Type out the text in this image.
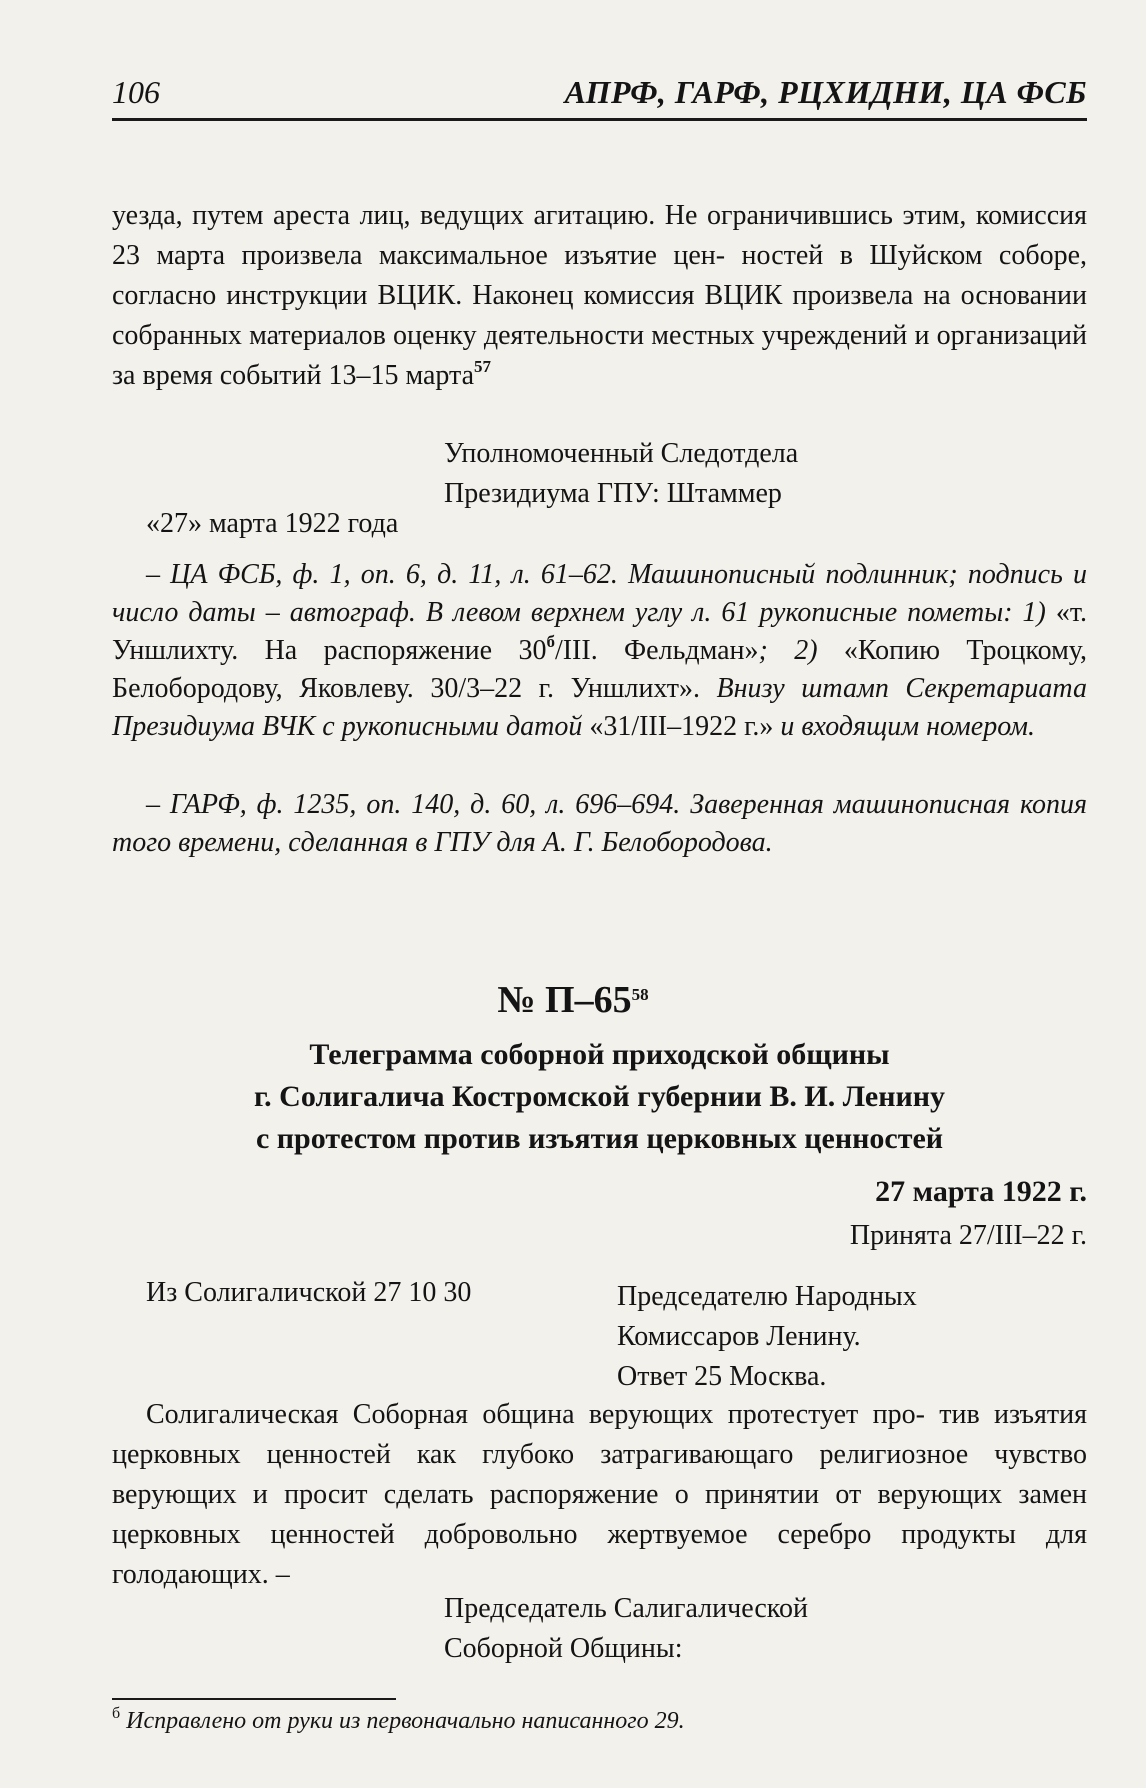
106	АПРФ, ГАРФ, РЦХИДНИ, ЦА ФСБ
уезда, путем ареста лиц, ведущих агитацию. Не ограничившись этим, комиссия 23 марта произвела максимальное изъятие цен- ностей в Шуйском соборе, согласно инструкции ВЦИК. Наконец комиссия ВЦИК произвела на основании собранных материалов оценку деятельности местных учреждений и организаций за время событий 13–15 марта$^{57}$
Уполномоченный Следотдела
Президиума ГПУ: Штаммер
«27» марта 1922 года
– ЦА ФСБ, ф. 1, оп. 6, д. 11, л. 61–62. Машинописный подлинник; подпись и число даты – автограф. В левом верхнем углу л. 61 рукописные пометы: 1) «т. Уншлихту. На распоряжение $30^б$/III. Фельдман»; 2) «Копию Троцкому, Белобородову, Яковлеву. 30/3–22 г. Уншлихт». Внизу штамп Секретариата Президиума ВЧК с рукописными датой «31/III–1922 г.» и входящим номером.
– ГАРФ, ф. 1235, оп. 140, д. 60, л. 696–694. Заверенная машинописная копия того времени, сделанная в ГПУ для А. Г. Белобородова.
№ $П-65^{58}$
Телеграмма соборной приходской общины
г. Солигалича Костромской губернии В. И. Ленину
с протестом против изъятия церковных ценностей
27 марта 1922 г.
Принята 27/III–22 г.
Из Солигаличской 27 10 30	Председателю Народных
Комиссаров Ленину.
Ответ 25 Москва.
Солигалическая Соборная община верующих протестует про- тив изъятия церковных ценностей как глубоко затрагивающаго религиозное чувство верующих и просит сделать распоряжение о принятии от верующих замен церковных ценностей добровольно жертвуемое серебро продукты для голодающих. –
Председатель Салигалической
Соборной Общины:
$^б$ Исправлено от руки из первоначально написанного 29.
